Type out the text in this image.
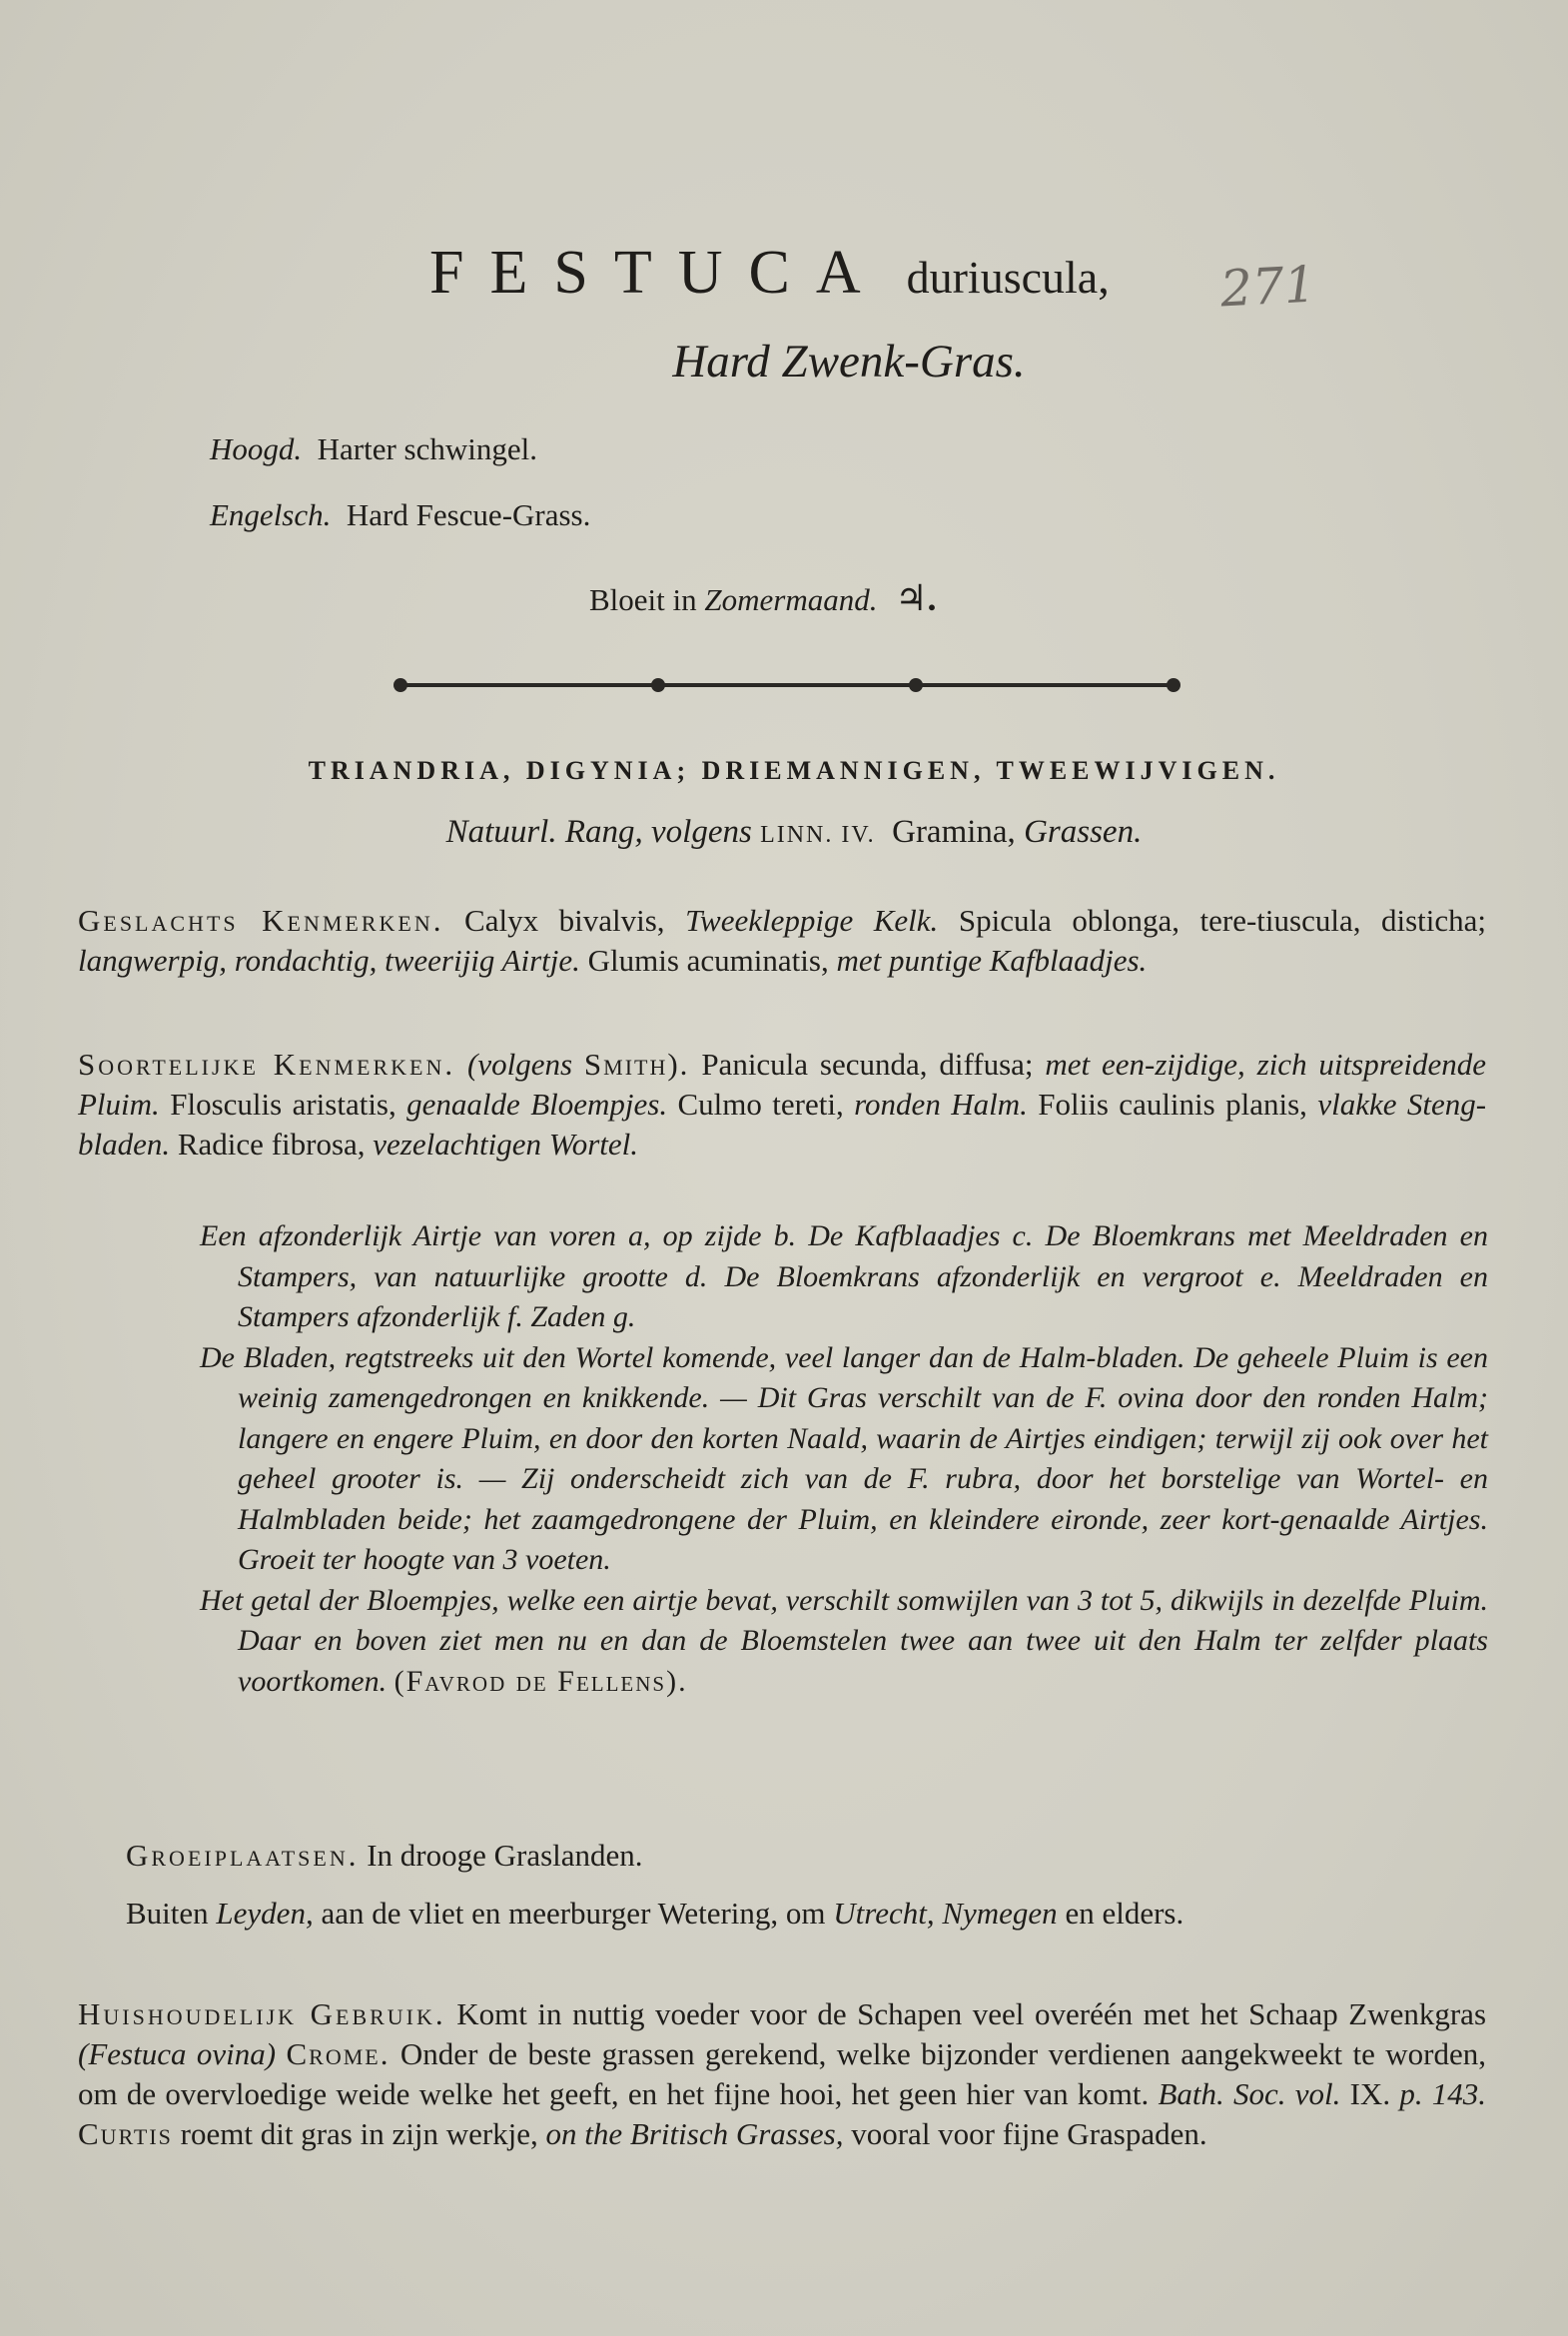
FESTUCA duriuscula, 271
Hard Zwenk-Gras.
Hoogd. Harter schwingel.
Engelsch. Hard Fescue-Grass.
Bloeit in Zomermaand. ♃.
TRIANDRIA, DIGYNIA; DRIEMANNIGEN, TWEEWIJVIGEN.
Natuurl. Rang, volgens LINN. IV. Gramina, Grassen.
Geslachts Kenmerken. Calyx bivalvis, Tweekleppige Kelk. Spicula oblonga, tere-tiuscula, disticha; langwerpig, rondachtig, tweerijig Airtje. Glumis acuminatis, met puntige Kafblaadjes.
Soortelijke Kenmerken. (volgens Smith). Panicula secunda, diffusa; met een-zijdige, zich uitspreidende Pluim. Flosculis aristatis, genaalde Bloempjes. Culmo tereti, ronden Halm. Foliis caulinis planis, vlakke Steng-bladen. Radice fibrosa, vezelachtigen Wortel.

Een afzonderlijk Airtje van voren a, op zijde b. De Kafblaadjes c. De Bloemkrans met Meeldraden en Stampers, van natuurlijke grootte d. De Bloemkrans afzonderlijk en vergroot e. Meeldraden en Stampers afzonderlijk f. Zaden g.

De Bladen, regtstreeks uit den Wortel komende, veel langer dan de Halm-bladen. De geheele Pluim is een weinig zamengedrongen en knikkende. — Dit Gras verschilt van de F. ovina door den ronden Halm; langere en engere Pluim, en door den korten Naald, waarin de Airtjes eindigen; terwijl zij ook over het geheel grooter is. — Zij onderscheidt zich van de F. rubra, door het borstelige van Wortel- en Halmbladen beide; het zaamgedrongene der Pluim, en kleindere eironde, zeer kort-genaalde Airtjes. Groeit ter hoogte van 3 voeten.

Het getal der Bloempjes, welke een airtje bevat, verschilt somwijlen van 3 tot 5, dikwijls in dezelfde Pluim. Daar en boven ziet men nu en dan de Bloemstelen twee aan twee uit den Halm ter zelfder plaats voortkomen. (Favrod de Fellens).

Groeiplaatsen. In drooge Graslanden.
Buiten Leyden, aan de vliet en meerburger Wetering, om Utrecht, Nymegen en elders.
Huishoudelijk Gebruik. Komt in nuttig voeder voor de Schapen veel overéén met het Schaap Zwenkgras (Festuca ovina) Crome. Onder de beste grassen gerekend, welke bijzonder verdienen aangekweekt te worden, om de overvloedige weide welke het geeft, en het fijne hooi, het geen hier van komt. Bath. Soc. vol. IX. p. 143. Curtis roemt dit gras in zijn werkje, on the Britisch Grasses, vooral voor fijne Graspaden.
